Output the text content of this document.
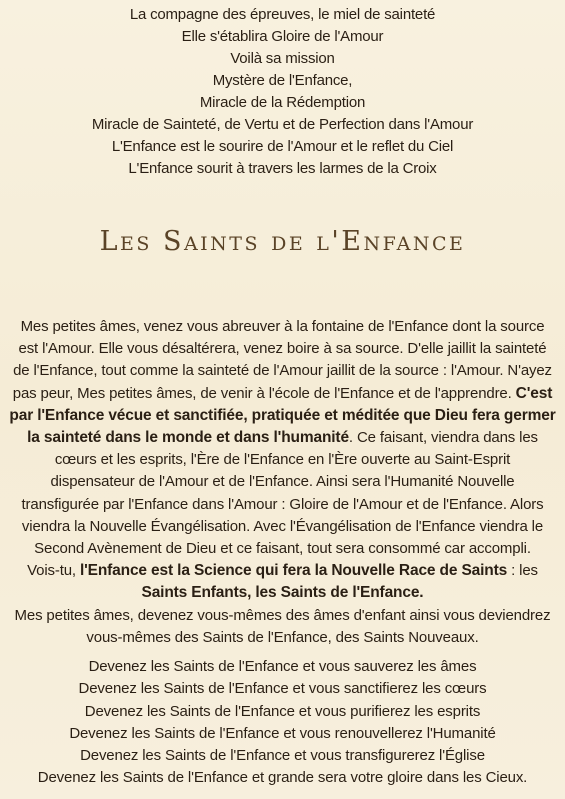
La compagne des épreuves, le miel de sainteté
Elle s'établira Gloire de l'Amour
Voilà sa mission
Mystère de l'Enfance,
Miracle de la Rédemption
Miracle de Sainteté, de Vertu et de Perfection dans l'Amour
L'Enfance est le sourire de l'Amour et le reflet du Ciel
L'Enfance sourit à travers les larmes de la Croix
Les Saints de l'Enfance
Mes petites âmes, venez vous abreuver à la fontaine de l'Enfance dont la source
est l'Amour. Elle vous désaltérera, venez boire à sa source. D'elle jaillit la sainteté
de l'Enfance, tout comme la sainteté de l'Amour jaillit de la source : l'Amour. N'ayez
pas peur, Mes petites âmes, de venir à l'école de l'Enfance et de l'apprendre. C'est
par l'Enfance vécue et sanctifiée, pratiquée et méditée que Dieu fera germer
la sainteté dans le monde et dans l'humanité. Ce faisant, viendra dans les
cœurs et les esprits, l'Ère de l'Enfance en l'Ère ouverte au Saint-Esprit
dispensateur de l'Amour et de l'Enfance. Ainsi sera l'Humanité Nouvelle
transfigurée par l'Enfance dans l'Amour : Gloire de l'Amour et de l'Enfance. Alors
viendra la Nouvelle Évangélisation. Avec l'Évangélisation de l'Enfance viendra le
Second Avènement de Dieu et ce faisant, tout sera consommé car accompli.
Vois-tu, l'Enfance est la Science qui fera la Nouvelle Race de Saints : les
Saints Enfants, les Saints de l'Enfance.
Mes petites âmes, devenez vous-mêmes des âmes d'enfant ainsi vous deviendrez
vous-mêmes des Saints de l'Enfance, des Saints Nouveaux.
Devenez les Saints de l'Enfance et vous sauverez les âmes
Devenez les Saints de l'Enfance et vous sanctifierez les cœurs
Devenez les Saints de l'Enfance et vous purifierez les esprits
Devenez les Saints de l'Enfance et vous renouvellerez l'Humanité
Devenez les Saints de l'Enfance et vous transfigurerez l'Église
Devenez les Saints de l'Enfance et grande sera votre gloire dans les Cieux.
